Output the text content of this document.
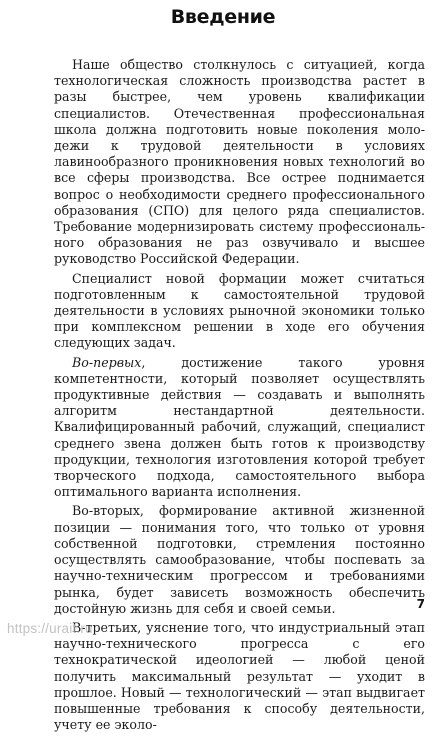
Введение

Наше общество столкнулось с ситуацией, когда технологическая сложность производства растет в разы быстрее, чем уровень квалификации специалистов. Отечественная профессиональная школа должна подготовить новые поколения молодежи к трудовой деятельности в условиях лавинообразного проникновения новых технологий во все сферы производства. Все острее поднимается вопрос о необходимости среднего профессионального образования (СПО) для целого ряда специалистов. Требование модернизировать систему профессионального образования не раз озвучивало и высшее руководство Российской Федерации.

Специалист новой формации может считаться подготовленным к самостоятельной трудовой деятельности в условиях рыночной экономики только при комплексном решении в ходе его обучения следующих задач.

Во-первых, достижение такого уровня компетентности, который позволяет осуществлять продуктивные действия — создавать и выполнять алгоритм нестандартной деятельности. Квалифицированный рабочий, служащий, специалист среднего звена должен быть готов к производству продукции, технология изготовления которой требует творческого подхода, самостоятельного выбора оптимального варианта исполнения.

Во-вторых, формирование активной жизненной позиции — понимания того, что только от уровня собственной подготовки, стремления постоянно осуществлять самообразование, чтобы поспевать за научно-техническим прогрессом и требованиями рынка, будет зависеть возможность обеспечить достойную жизнь для себя и своей семьи.

В-третьих, уяснение того, что индустриальный этап научно-технического прогресса с его технократической идеологией — любой ценой получить максимальный результат — уходит в прошлое. Новый — технологический — этап выдвигает повышенные требования к способу деятельности, учету ее эколо-

7
https://urait.ru
